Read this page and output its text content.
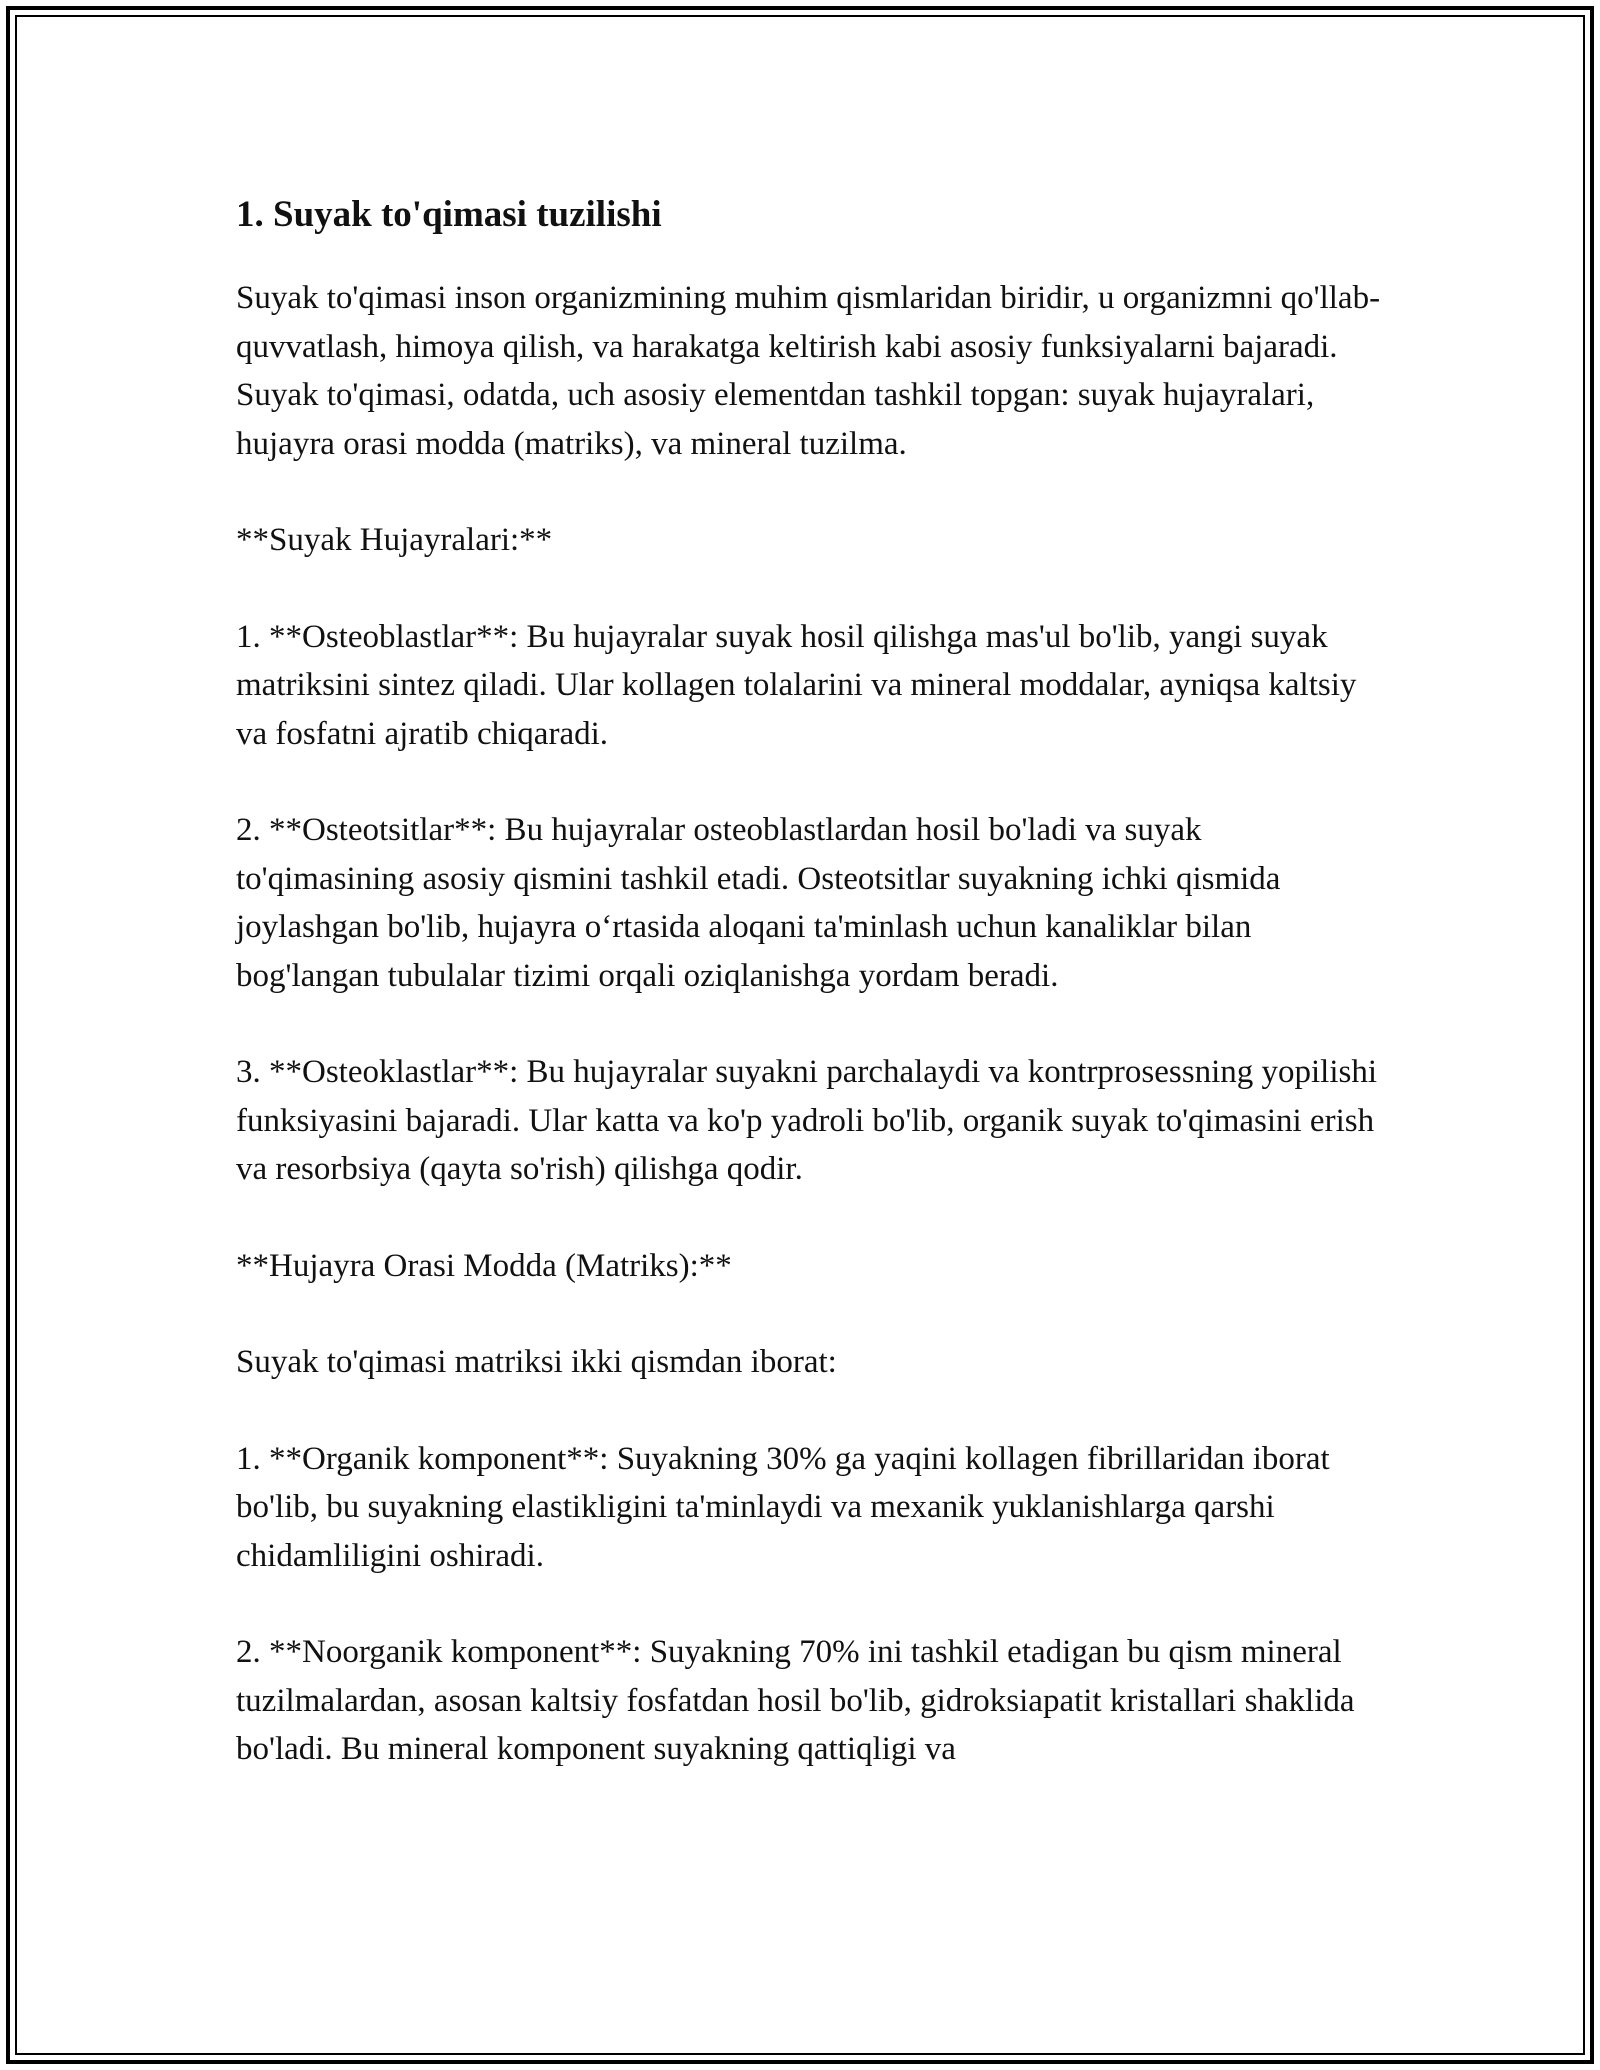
1. Suyak to'qimasi tuzilishi

Suyak to'qimasi inson organizmining muhim qismlaridan biridir, u organizmni qo'llab-quvvatlash, himoya qilish, va harakatga keltirish kabi asosiy funksiyalarni bajaradi. Suyak to'qimasi, odatda, uch asosiy elementdan tashkil topgan: suyak hujayralari, hujayra orasi modda (matriks), va mineral tuzilma.

**Suyak Hujayralari:**

1. **Osteoblastlar**: Bu hujayralar suyak hosil qilishga mas'ul bo'lib, yangi suyak matriksini sintez qiladi. Ular kollagen tolalarini va mineral moddalar, ayniqsa kaltsiy va fosfatni ajratib chiqaradi.

2. **Osteotsitlar**: Bu hujayralar osteoblastlardan hosil bo'ladi va suyak to'qimasining asosiy qismini tashkil etadi. Osteotsitlar suyakning ichki qismida joylashgan bo'lib, hujayra o‘rtasida aloqani ta'minlash uchun kanaliklar bilan bog'langan tubulalar tizimi orqali oziqlanishga yordam beradi.

3. **Osteoklastlar**: Bu hujayralar suyakni parchalaydi va kontrprosessning yopilishi funksiyasini bajaradi. Ular katta va ko'p yadroli bo'lib, organik suyak to'qimasini erish va resorbsiya (qayta so'rish) qilishga qodir.

**Hujayra Orasi Modda (Matriks):**

Suyak to'qimasi matriksi ikki qismdan iborat:

1. **Organik komponent**: Suyakning 30% ga yaqini kollagen fibrillaridan iborat bo'lib, bu suyakning elastikligini ta'minlaydi va mexanik yuklanishlarga qarshi chidamliligini oshiradi.

2. **Noorganik komponent**: Suyakning 70% ini tashkil etadigan bu qism mineral tuzilmalardan, asosan kaltsiy fosfatdan hosil bo'lib, gidroksiapatit kristallari shaklida bo'ladi. Bu mineral komponent suyakning qattiqligi va
